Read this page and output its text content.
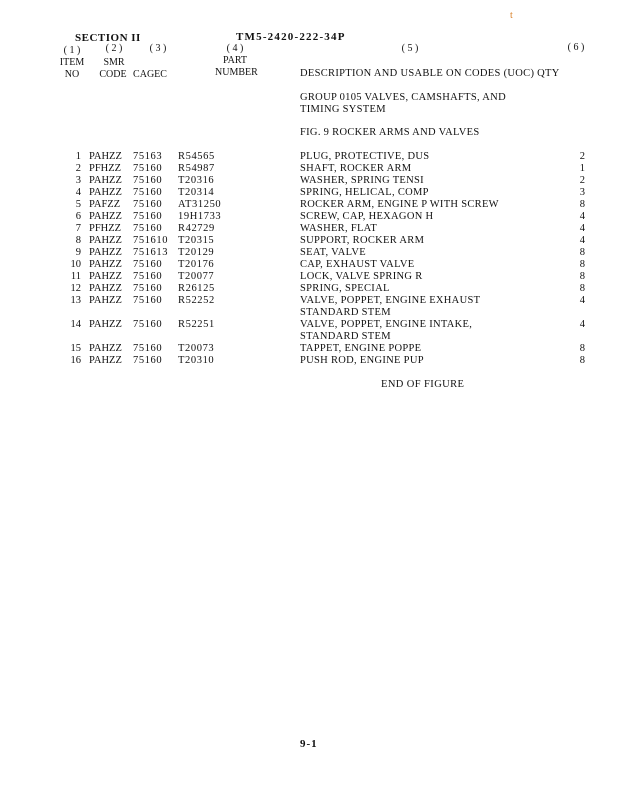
t
SECTION II	TM5-2420-222-34P
( 1 )
ITEM
NO
( 2 )
SMR
CODE
( 3 )
CAGEC
( 4 )
PART
NUMBER
( 5 )	( 6 )
DESCRIPTION AND USABLE ON CODES (UOC) QTY
GROUP 0105 VALVES, CAMSHAFTS, AND
TIMING SYSTEM
FIG. 9 ROCKER ARMS AND VALVES
1 PAHZZ 75163 R54565	PLUG, PROTECTIVE, DUS	2
2 PFHZZ 75160 R54987	SHAFT, ROCKER ARM	1
3 PAHZZ 75160 T20316	WASHER, SPRING TENSI	2
4 PAHZZ 75160 T20314	SPRING, HELICAL, COMP	3
5 PAFZZ 75160 AT31250	ROCKER ARM, ENGINE P WITH SCREW	8
6 PAHZZ 75160 19H1733	SCREW, CAP, HEXAGON H	4
7 PFHZZ 75160 R42729	WASHER, FLAT	4
8 PAHZZ 751610 T20315	SUPPORT, ROCKER ARM	4
9 PAHZZ 751613 T20129	SEAT, VALVE	8
10 PAHZZ 75160 T20176	CAP, EXHAUST VALVE	8
11 PAHZZ 75160 T20077	LOCK, VALVE SPRING R	8
12 PAHZZ 75160 R26125	SPRING, SPECIAL	8
13 PAHZZ 75160 R52252	VALVE, POPPET, ENGINE EXHAUST	4
STANDARD STEM
14 PAHZZ 75160 R52251	VALVE, POPPET, ENGINE INTAKE,	4
STANDARD STEM
15 PAHZZ 75160 T20073	TAPPET, ENGINE POPPE	8
16 PAHZZ 75160 T20310	PUSH ROD, ENGINE PUP	8
END OF FIGURE
9-1
